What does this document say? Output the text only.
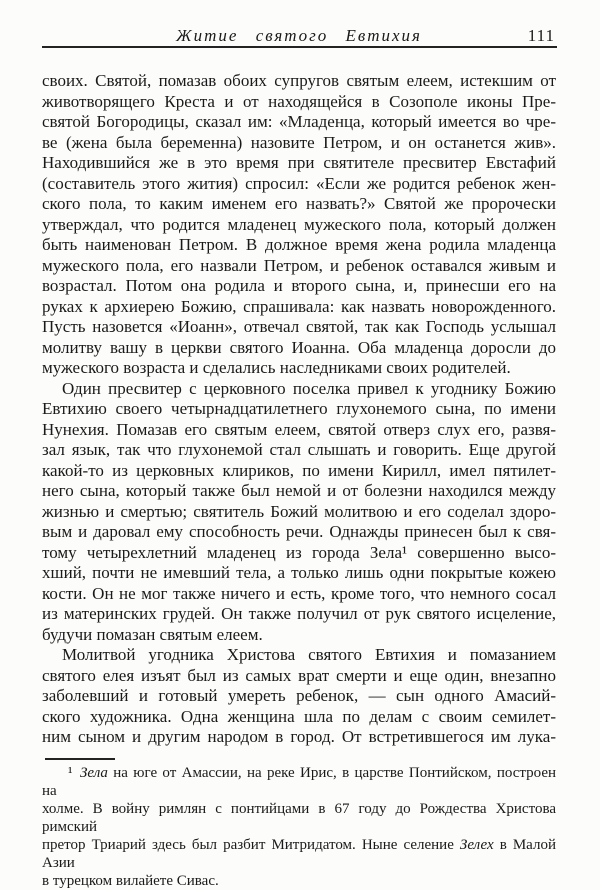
Житие святого Евтихия	111
своих. Святой, помазав обоих супругов святым елеем, истекшим от
животворящего Креста и от находящейся в Созополе иконы Пре-
святой Богородицы, сказал им: «Младенца, который имеется во чре-
ве (жена была беременна) назовите Петром, и он останется жив».
Находившийся же в это время при святителе пресвитер Евстафий
(составитель этого жития) спросил: «Если же родится ребенок жен-
ского пола, то каким именем его назвать?» Святой же пророчески
утверждал, что родится младенец мужеского пола, который должен
быть наименован Петром. В должное время жена родила младенца
мужеского пола, его назвали Петром, и ребенок оставался живым и
возрастал. Потом она родила и второго сына, и, принесши его на
руках к архиерею Божию, спрашивала: как назвать новорожденного.
Пусть назовется «Иоанн», отвечал святой, так как Господь услышал
молитву вашу в церкви святого Иоанна. Оба младенца доросли до
мужеского возраста и сделались наследниками своих родителей.
Один пресвитер с церковного поселка привел к угоднику Божию
Евтихию своего четырнадцатилетнего глухонемого сына, по имени
Нунехия. Помазав его святым елеем, святой отверз слух его, развя-
зал язык, так что глухонемой стал слышать и говорить. Еще другой
какой-то из церковных клириков, по имени Кирилл, имел пятилет-
него сына, который также был немой и от болезни находился между
жизнью и смертью; святитель Божий молитвою и его соделал здоро-
вым и даровал ему способность речи. Однажды принесен был к свя-
тому четырехлетний младенец из города Зела¹ совершенно высо-
хший, почти не имевший тела, а только лишь одни покрытые кожею
кости. Он не мог также ничего и есть, кроме того, что немного сосал
из материнских грудей. Он также получил от рук святого исцеление,
будучи помазан святым елеем.
Молитвой угодника Христова святого Евтихия и помазанием
святого елея изъят был из самых врат смерти и еще один, внезапно
заболевший и готовый умереть ребенок, — сын одного Амасий-
ского художника. Одна женщина шла по делам с своим семилет-
ним сыном и другим народом в город. От встретившегося им лука-
¹ Зела на юге от Амассии, на реке Ирис, в царстве Понтийском, построен на
холме. В войну римлян с понтийцами в 67 году до Рождества Христова римский
претор Триарий здесь был разбит Митридатом. Ныне селение Зелех в Малой Азии
в турецком вилайете Сивас.
